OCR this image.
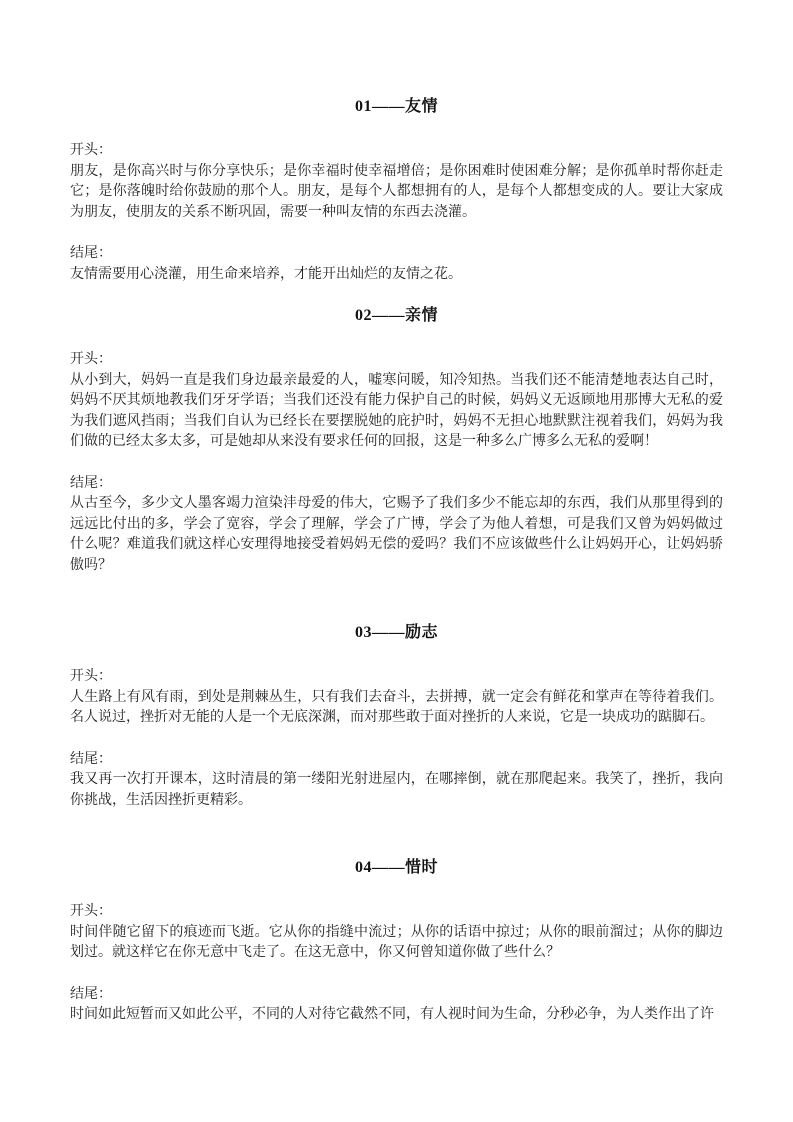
01——友情
开头：
朋友，是你高兴时与你分享快乐；是你幸福时使幸福增倍；是你困难时使困难分解；是你孤单时帮你赶走它；是你落魄时给你鼓励的那个人。朋友，是每个人都想拥有的人，是每个人都想变成的人。要让大家成为朋友，使朋友的关系不断巩固，需要一种叫友情的东西去浇灌。
结尾：
友情需要用心浇灌，用生命来培养，才能开出灿烂的友情之花。
02——亲情
开头：
从小到大，妈妈一直是我们身边最亲最爱的人，嘘寒问暖，知冷知热。当我们还不能清楚地表达自己时，妈妈不厌其烦地教我们牙牙学语；当我们还没有能力保护自己的时候，妈妈义无返顾地用那博大无私的爱为我们遮风挡雨；当我们自认为已经长在要摆脱她的庇护时，妈妈不无担心地默默注视着我们，妈妈为我们做的已经太多太多，可是她却从来没有要求任何的回报，这是一种多么广博多么无私的爱啊！
结尾：
从古至今，多少文人墨客竭力渲染沣母爱的伟大，它赐予了我们多少不能忘却的东西，我们从那里得到的远远比付出的多，学会了宽容，学会了理解，学会了广博，学会了为他人着想，可是我们又曾为妈妈做过什么呢？难道我们就这样心安理得地接受着妈妈无偿的爱吗？我们不应该做些什么让妈妈开心，让妈妈骄傲吗？
03——励志
开头：
人生路上有风有雨，到处是荆棘丛生，只有我们去奋斗，去拼搏，就一定会有鲜花和掌声在等待着我们。名人说过，挫折对无能的人是一个无底深渊，而对那些敢于面对挫折的人来说，它是一块成功的踮脚石。
结尾：
我又再一次打开课本，这时清晨的第一缕阳光射进屋内，在哪摔倒，就在那爬起来。我笑了，挫折，我向你挑战，生活因挫折更精彩。
04——惜时
开头：
时间伴随它留下的痕迹而飞逝。它从你的指缝中流过；从你的话语中掠过；从你的眼前溜过；从你的脚边划过。就这样它在你无意中飞走了。在这无意中，你又何曾知道你做了些什么？
结尾：
时间如此短暂而又如此公平，不同的人对待它截然不同，有人视时间为生命，分秒必争，为人类作出了许
